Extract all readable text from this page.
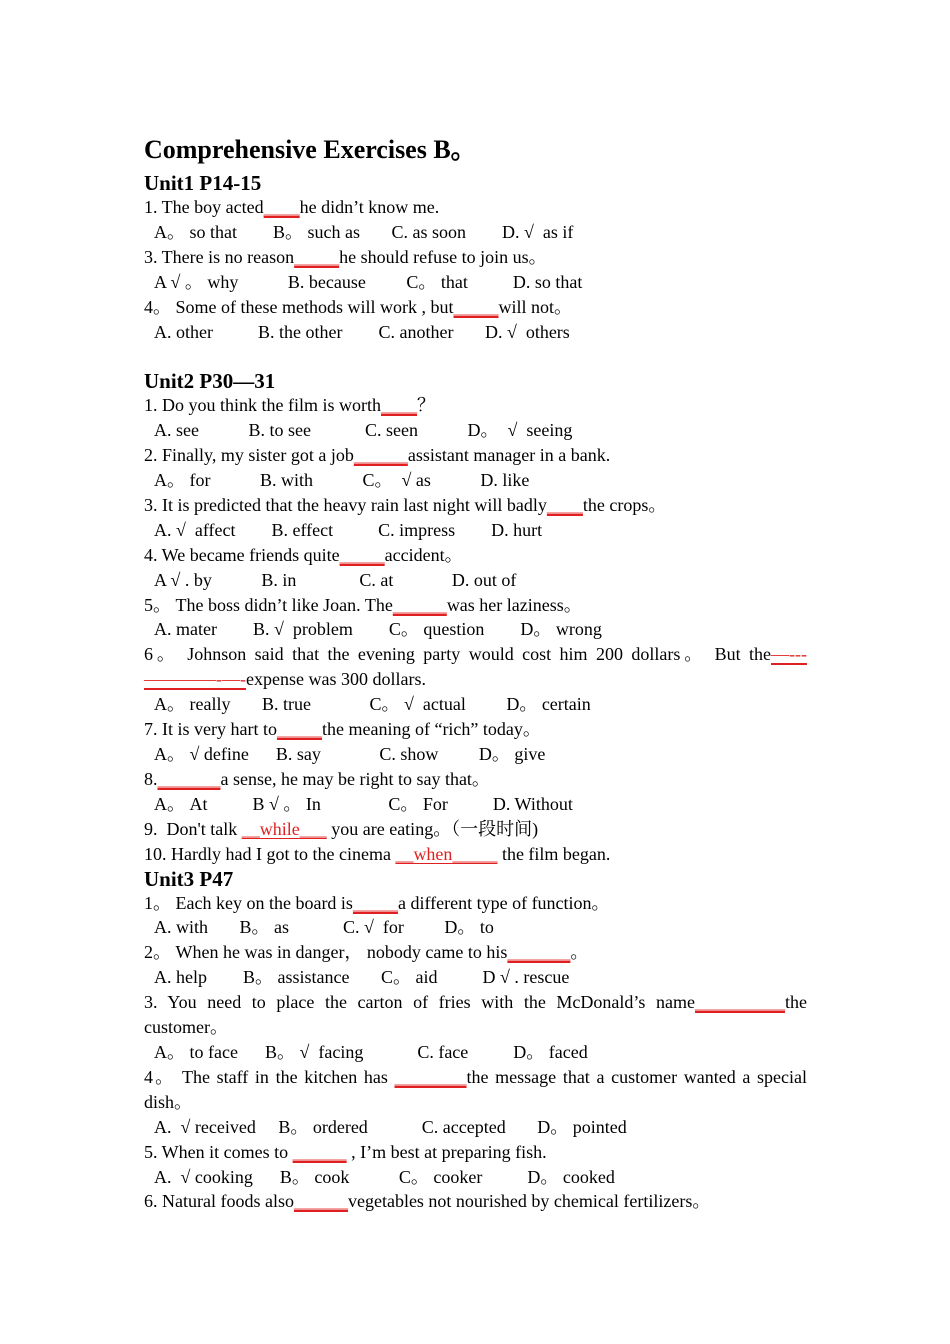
Comprehensive Exercises B。
Unit1 P14-15
1. The boy acted____he didn’t know me.
A。 so that        B。 such as       C. as soon        D. √  as if
3. There is no reason_____he should refuse to join us。
A √ 。 why           B. because         C。 that          D. so that
4。 Some of these methods will work , but_____will not。
A. other          B. the other        C. another       D. √  others
Unit2 P30—31
1. Do you think the film is worth____？
A. see           B. to see            C. seen           D。  √  seeing
2. Finally, my sister got a job______assistant manager in a bank.
A。 for           B. with           C。  √ as           D. like
3. It is predicted that the heavy rain last night will badly____the crops。
A. √  affect        B. effect          C. impress        D. hurt
4. We became friends quite_____accident。
A √ . by           B. in              C. at             D. out of
5。 The boss didn’t like Joan. The______was her laziness。
A. mater        B. √  problem        C。 question        D。 wrong
6。 Johnson said that the evening party would cost him 200 dollars。 But the—---
————-—-expense was 300 dollars.
A。 really       B. true             C。 √  actual         D。 certain
7. It is very hart to_____the meaning of “rich” today。
A。 √ define      B. say             C. show         D。 give
8._______a sense, he may be right to say that。
A。 At          B √ 。 In               C。 For          D. Without
9.  Don't talk __while___ you are eating。（一段时间)
10. Hardly had I got to the cinema __when_____ the film began.
Unit3 P47
1。 Each key on the board is_____a different type of function。
A. with       B。 as            C. √  for         D。 to
2。 When he was in danger， nobody came to his_______。
A. help        B。 assistance       C。 aid          D √ . rescue
3. You need to place the carton of fries with the McDonald’s name__________the
customer。
A。 to face      B。 √  facing            C. face          D。 faced
4。 The staff in the kitchen has ________the message that a customer wanted a special
dish。
A.  √ received     B。 ordered            C. accepted       D。 pointed
5. When it comes to ______ , I’m best at preparing fish.
A.  √ cooking      B。 cook           C。 cooker          D。 cooked
6. Natural foods also______vegetables not nourished by chemical fertilizers。
